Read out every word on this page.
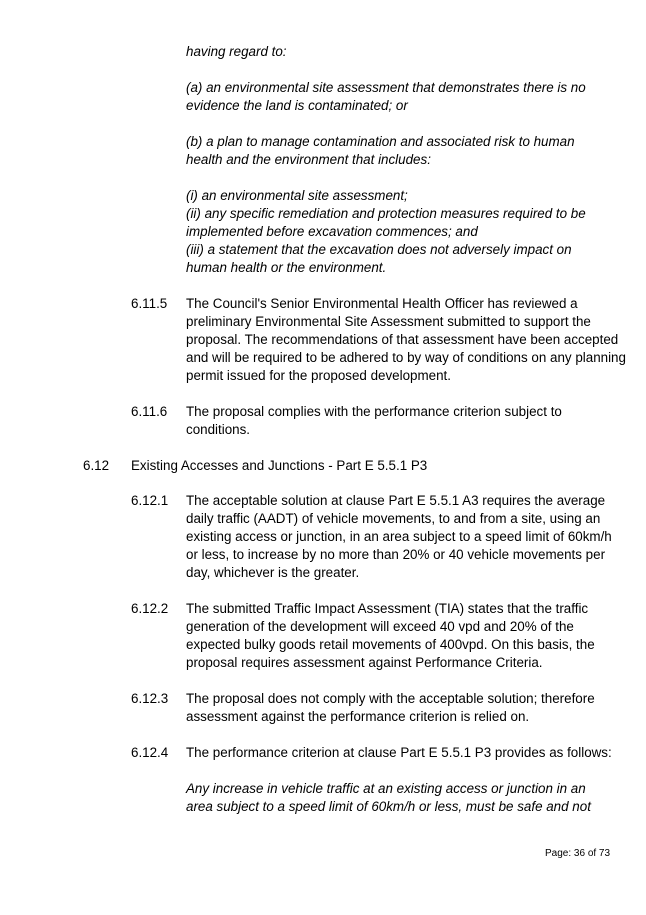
having regard to:
(a) an environmental site assessment that demonstrates there is no
evidence the land is contaminated; or
(b) a plan to manage contamination and associated risk to human
health and the environment that includes:
(i) an environmental site assessment;
(ii) any specific remediation and protection measures required to be
implemented before excavation commences; and
(iii) a statement that the excavation does not adversely impact on
human health or the environment.
6.11.5 The Council's Senior Environmental Health Officer has reviewed a
preliminary Environmental Site Assessment submitted to support the
proposal. The recommendations of that assessment have been accepted
and will be required to be adhered to by way of conditions on any planning
permit issued for the proposed development.
6.11.6 The proposal complies with the performance criterion subject to
conditions.
6.12 Existing Accesses and Junctions - Part E 5.5.1 P3
6.12.1 The acceptable solution at clause Part E 5.5.1 A3 requires the average
daily traffic (AADT) of vehicle movements, to and from a site, using an
existing access or junction, in an area subject to a speed limit of 60km/h
or less, to increase by no more than 20% or 40 vehicle movements per
day, whichever is the greater.
6.12.2 The submitted Traffic Impact Assessment (TIA) states that the traffic
generation of the development will exceed 40 vpd and 20% of the
expected bulky goods retail movements of 400vpd. On this basis, the
proposal requires assessment against Performance Criteria.
6.12.3 The proposal does not comply with the acceptable solution; therefore
assessment against the performance criterion is relied on.
6.12.4 The performance criterion at clause Part E 5.5.1 P3 provides as follows:
Any increase in vehicle traffic at an existing access or junction in an
area subject to a speed limit of 60km/h or less, must be safe and not
Page: 36 of 73
